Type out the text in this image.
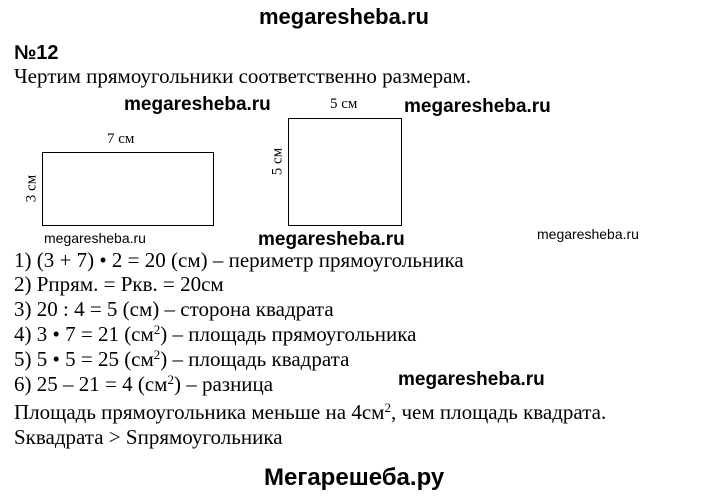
megaresheba.ru
№12
Чертим прямоугольники соответственно размерам.
megaresheba.ru	megaresheba.ru
7 см
3 см
5 см
5 см
megaresheba.ru	megaresheba.ru	megaresheba.ru
1) (3 + 7) • 2 = 20 (см) – периметр прямоугольника
2) Рпрям. = Ркв. = 20см
3) 20 : 4 = 5 (см) – сторона квадрата
4) 3 • 7 = 21 $(см^2)$ – площадь прямоугольника
5) 5 • 5 = 25 $(см^2)$ – площадь квадрата
6) 25 – 21 = 4 $(см^2)$ – разница	megaresheba.ru
Площадь прямоугольника меньше на $4см^2$, чем площадь квадрата.
Sквадрата > Sпрямоугольника
Мегарешеба.ру
